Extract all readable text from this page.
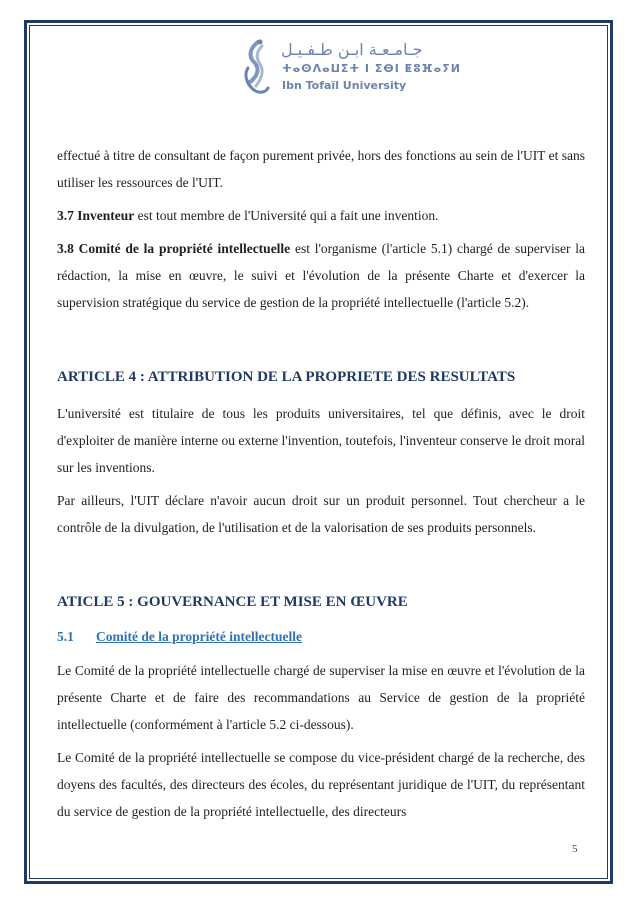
جـامـعـة ابـن طـفـيـل
ⵜⴰⵙⴷⴰⵡⵉⵜ ⵏ ⵉⴱⵏ ⵟⵓⴼⴰⵢⵍ
Ibn Tofaïl University

effectué à titre de consultant de façon purement privée, hors des fonctions au sein de l'UIT et sans utiliser les ressources de l'UIT.

3.7 Inventeur est tout membre de l'Université qui a fait une invention.

3.8 Comité de la propriété intellectuelle est l'organisme (l'article 5.1) chargé de superviser la rédaction, la mise en œuvre, le suivi et l'évolution de la présente Charte et d'exercer la supervision stratégique du service de gestion de la propriété intellectuelle (l'article 5.2).

ARTICLE 4 : ATTRIBUTION DE LA PROPRIETE DES RESULTATS

L'université est titulaire de tous les produits universitaires, tel que définis, avec le droit d'exploiter de manière interne ou externe l'invention, toutefois, l'inventeur conserve le droit moral sur les inventions.

Par ailleurs, l'UIT déclare n'avoir aucun droit sur un produit personnel. Tout chercheur a le contrôle de la divulgation, de l'utilisation et de la valorisation de ses produits personnels.

ATICLE 5 : GOUVERNANCE ET MISE EN ŒUVRE
5.1 Comité de la propriété intellectuelle

Le Comité de la propriété intellectuelle chargé de superviser la mise en œuvre et l'évolution de la présente Charte et de faire des recommandations au Service de gestion de la propriété intellectuelle (conformément à l'article 5.2 ci-dessous).

Le Comité de la propriété intellectuelle se compose du vice-président chargé de la recherche, des doyens des facultés, des directeurs des écoles, du représentant juridique de l'UIT, du représentant du service de gestion de la propriété intellectuelle, des directeurs

5
